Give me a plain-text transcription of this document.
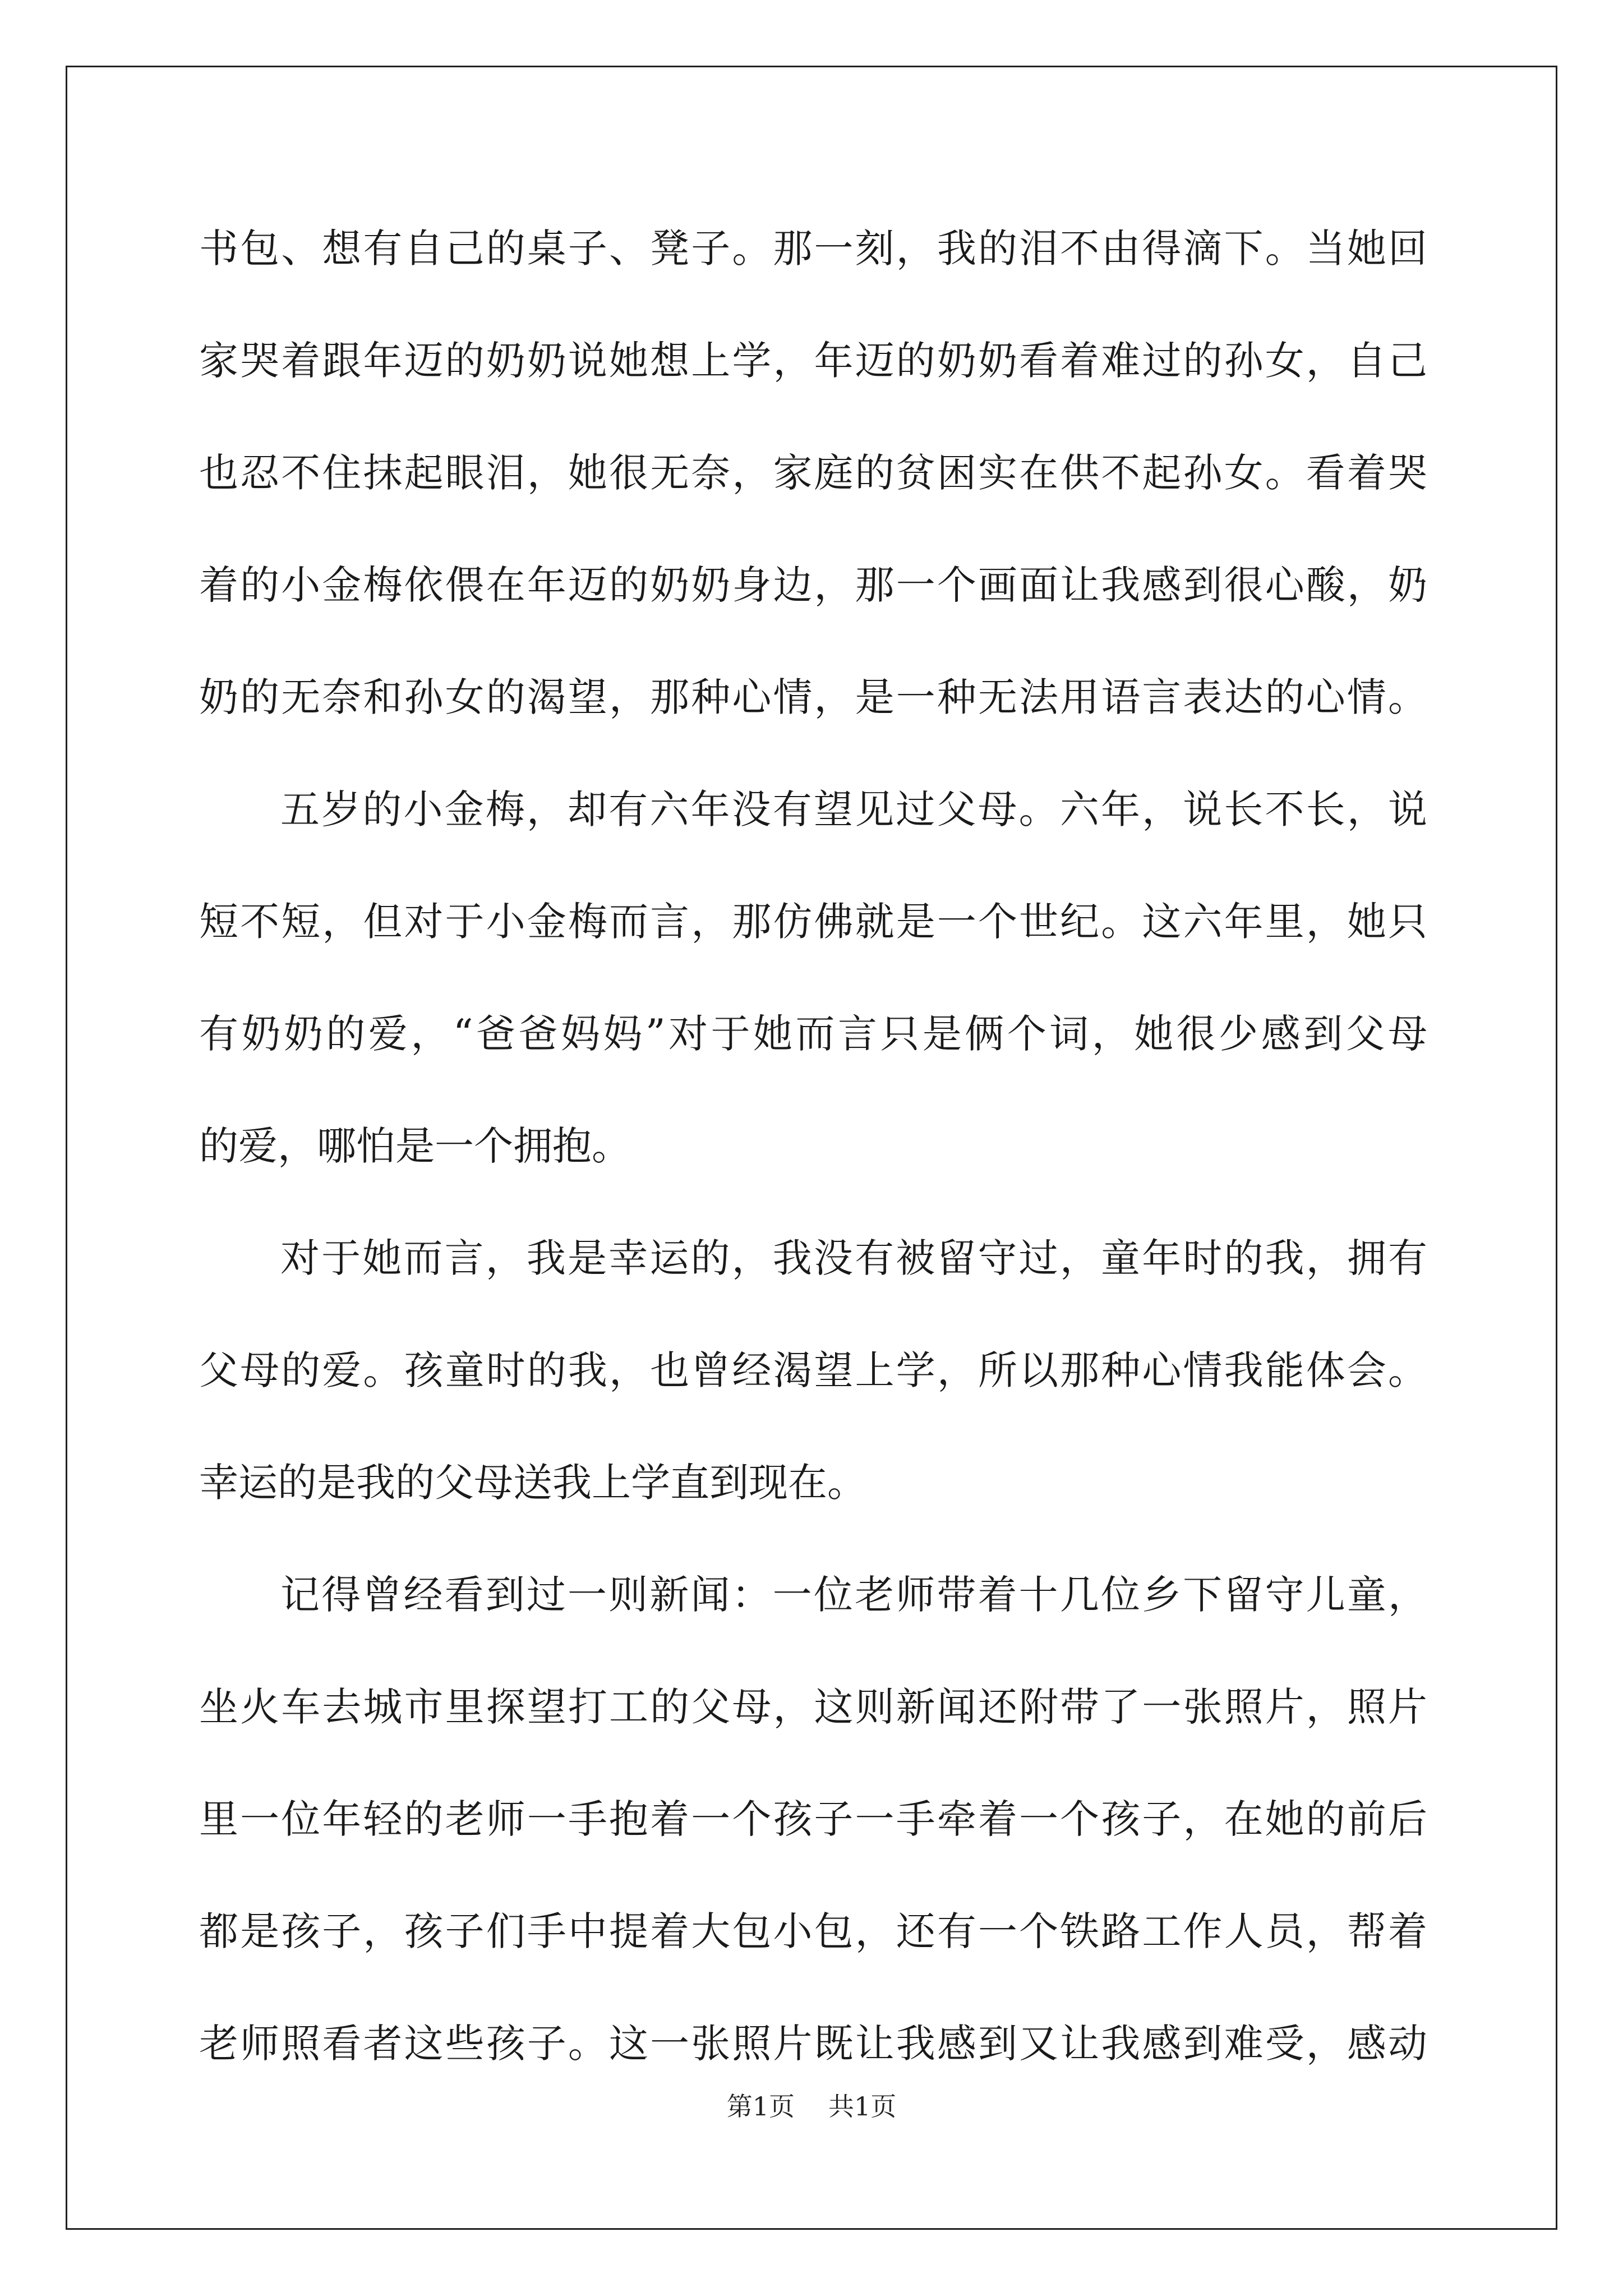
书包、想有自己的桌子、凳子。那一刻，我的泪不由得滴下。当她回
家哭着跟年迈的奶奶说她想上学，年迈的奶奶看着难过的孙女，自己
也忍不住抹起眼泪，她很无奈，家庭的贫困实在供不起孙女。看着哭
着的小金梅依偎在年迈的奶奶身边，那一个画面让我感到很心酸，奶
奶的无奈和孙女的渴望，那种心情，是一种无法用语言表达的心情。
五岁的小金梅，却有六年没有望见过父母。六年，说长不长，说
短不短，但对于小金梅而言，那仿佛就是一个世纪。这六年里，她只
有奶奶的爱，“爸爸妈妈”对于她而言只是俩个词，她很少感到父母
的爱，哪怕是一个拥抱。
对于她而言，我是幸运的，我没有被留守过，童年时的我，拥有
父母的爱。孩童时的我，也曾经渴望上学，所以那种心情我能体会。
幸运的是我的父母送我上学直到现在。
记得曾经看到过一则新闻：一位老师带着十几位乡下留守儿童，
坐火车去城市里探望打工的父母，这则新闻还附带了一张照片，照片
里一位年轻的老师一手抱着一个孩子一手牵着一个孩子，在她的前后
都是孩子，孩子们手中提着大包小包，还有一个铁路工作人员，帮着
老师照看者这些孩子。这一张照片既让我感到又让我感到难受，感动
第1页 共1页
